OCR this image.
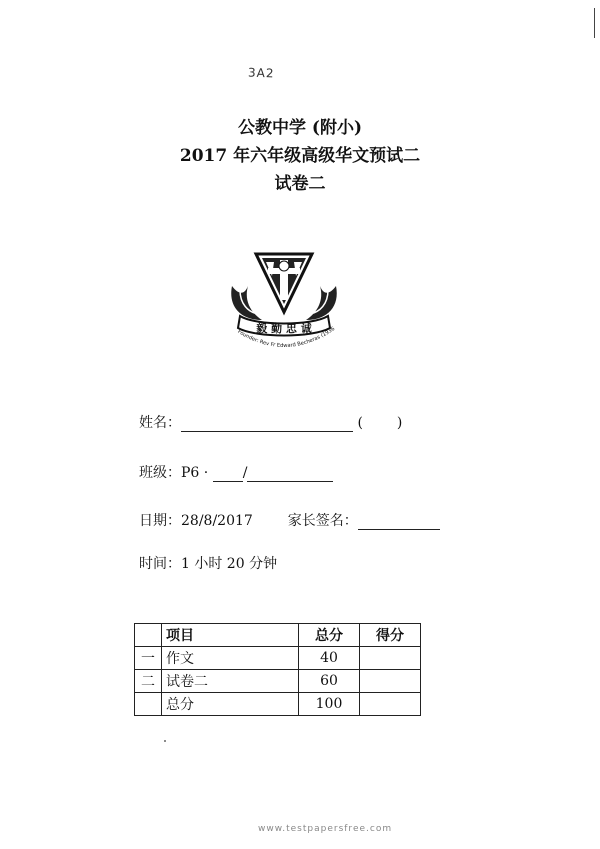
3A2
公教中学 (附小)
2017 年六年级高级华文预试二
试卷二
毅 勤 忠 诚
Founder: Rev Fr Edward Becheras (1936
姓名：	( )
班级：P6 · /
日期：28/8/2017 家长签名：
时间：1 小时 20 分钟
	项目	总分	得分
一	作文	40	
二	试卷二	60	
	总分	100	
www.testpapersfree.com
